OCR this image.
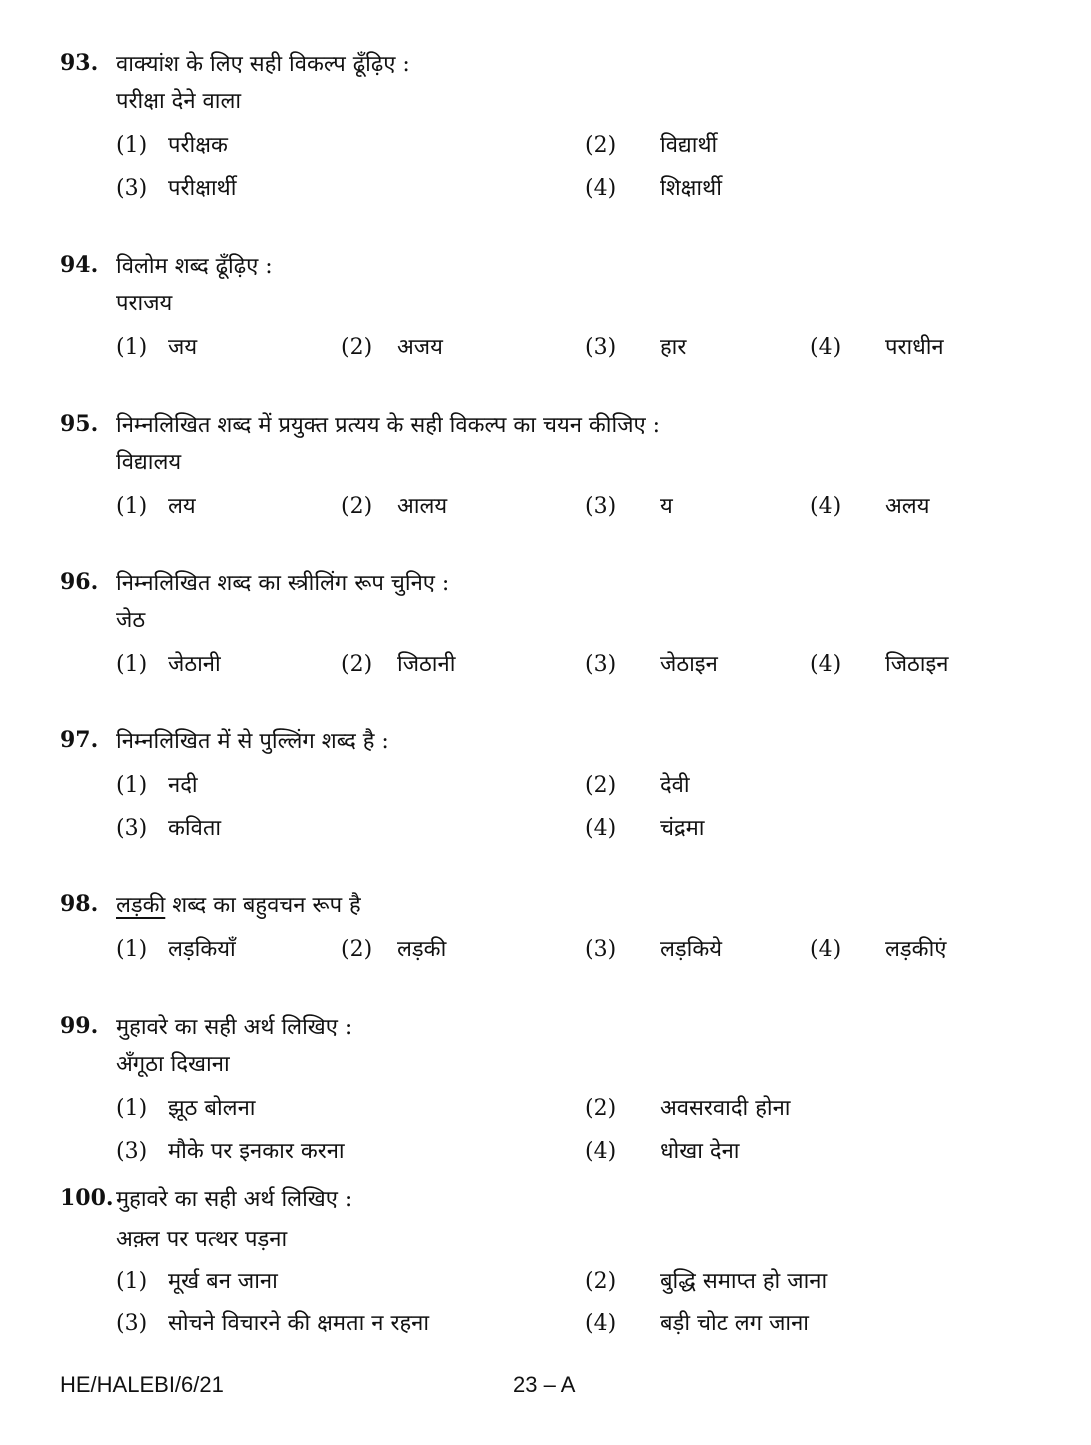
93. वाक्यांश के लिए सही विकल्प ढूँढ़िए :
परीक्षा देने वाला
(1) परीक्षक	(2) विद्यार्थी
(3) परीक्षार्थी	(4) शिक्षार्थी
94. विलोम शब्द ढूँढ़िए :
पराजय
(1) जय	(2) अजय	(3) हार	(4) पराधीन
95. निम्नलिखित शब्द में प्रयुक्त प्रत्यय के सही विकल्प का चयन कीजिए :
विद्यालय
(1) लय	(2) आलय	(3) य	(4) अलय
96. निम्नलिखित शब्द का स्त्रीलिंग रूप चुनिए :
जेठ
(1) जेठानी	(2) जिठानी	(3) जेठाइन	(4) जिठाइन
97. निम्नलिखित में से पुल्लिंग शब्द है :
(1) नदी	(2) देवी
(3) कविता	(4) चंद्रमा
98. लड़की शब्द का बहुवचन रूप है
(1) लड़कियाँ	(2) लड़की	(3) लड़किये	(4) लड़कीएं
99. मुहावरे का सही अर्थ लिखिए :
अँगूठा दिखाना
(1) झूठ बोलना	(2) अवसरवादी होना
(3) मौके पर इनकार करना	(4) धोखा देना
100. मुहावरे का सही अर्थ लिखिए :
अक़्ल पर पत्थर पड़ना
(1) मूर्ख बन जाना	(2) बुद्धि समाप्त हो जाना
(3) सोचने विचारने की क्षमता न रहना	(4) बड़ी चोट लग जाना
HE/HALEBI/6/21	23 – A
